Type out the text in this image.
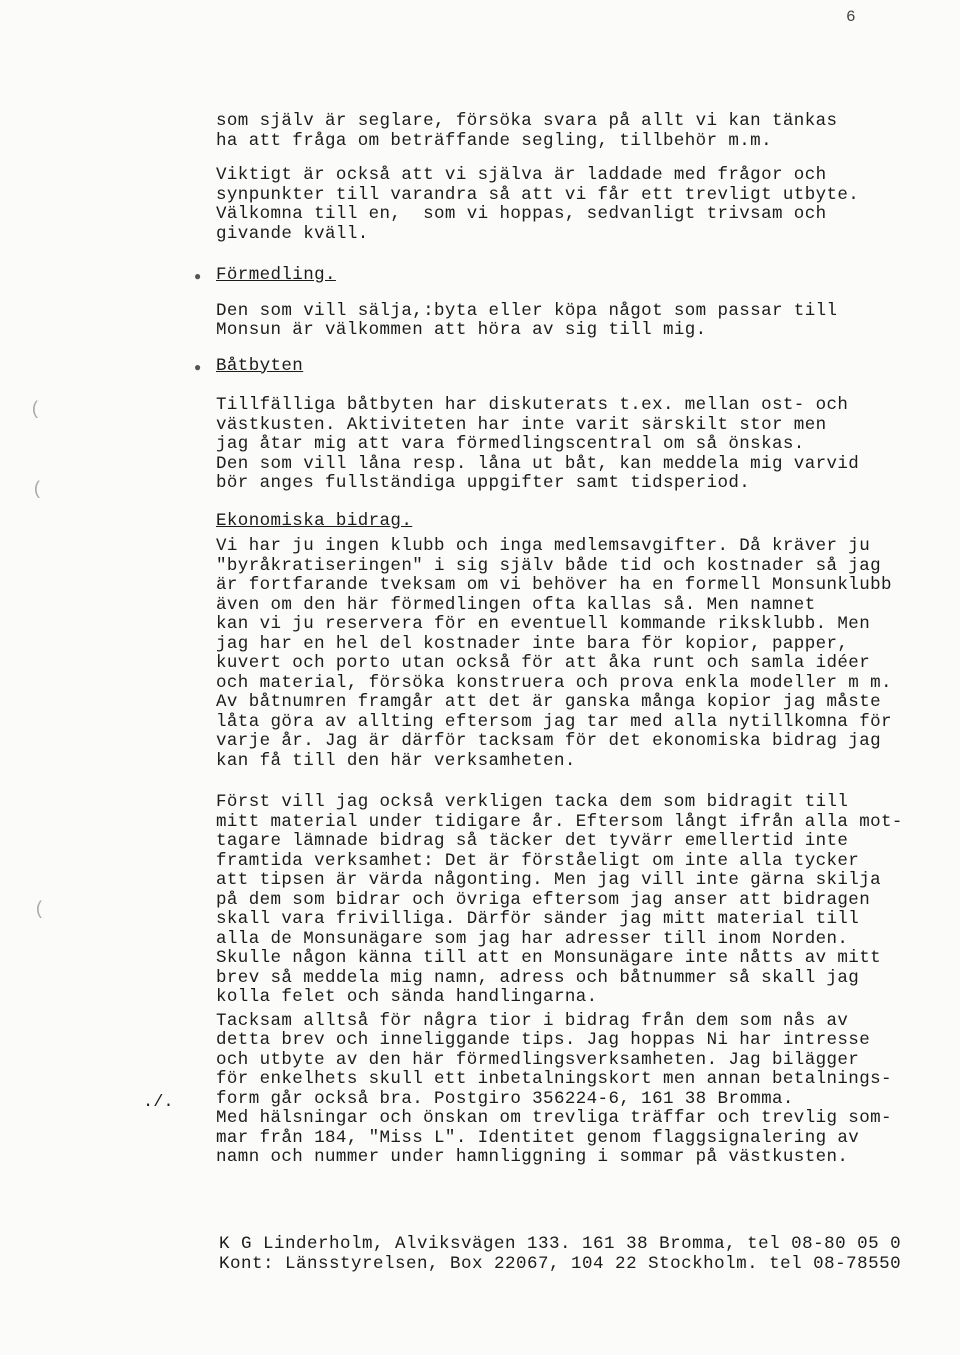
6
(
(
(
./.
som själv är seglare, försöka svara på allt vi kan tänkas
ha att fråga om beträffande segling, tillbehör m.m.
Viktigt är också att vi själva är laddade med frågor och
synpunkter till varandra så att vi får ett trevligt utbyte.
Välkomna till en,  som vi hoppas, sedvanligt trivsam och
givande kväll.
● Förmedling.
Den som vill sälja,:byta eller köpa något som passar till
Monsun är välkommen att höra av sig till mig.
● Båtbyten
Tillfälliga båtbyten har diskuterats t.ex. mellan ost- och
västkusten. Aktiviteten har inte varit särskilt stor men
jag åtar mig att vara förmedlingscentral om så önskas.
Den som vill låna resp. låna ut båt, kan meddela mig varvid
bör anges fullständiga uppgifter samt tidsperiod.
Ekonomiska bidrag.
Vi har ju ingen klubb och inga medlemsavgifter. Då kräver ju
"byråkratiseringen" i sig själv både tid och kostnader så jag
är fortfarande tveksam om vi behöver ha en formell Monsunklubb
även om den här förmedlingen ofta kallas så. Men namnet
kan vi ju reservera för en eventuell kommande riksklubb. Men
jag har en hel del kostnader inte bara för kopior, papper,
kuvert och porto utan också för att åka runt och samla idéer
och material, försöka konstruera och prova enkla modeller m m.
Av båtnumren framgår att det är ganska många kopior jag måste
låta göra av allting eftersom jag tar med alla nytillkomna för
varje år. Jag är därför tacksam för det ekonomiska bidrag jag
kan få till den här verksamheten.
Först vill jag också verkligen tacka dem som bidragit till
mitt material under tidigare år. Eftersom långt ifrån alla mot-
tagare lämnade bidrag så täcker det tyvärr emellertid inte
framtida verksamhet: Det är förståeligt om inte alla tycker
att tipsen är värda någonting. Men jag vill inte gärna skilja
på dem som bidrar och övriga eftersom jag anser att bidragen
skall vara frivilliga. Därför sänder jag mitt material till
alla de Monsunägare som jag har adresser till inom Norden.
Skulle någon känna till att en Monsunägare inte nåtts av mitt
brev så meddela mig namn, adress och båtnummer så skall jag
kolla felet och sända handlingarna.
Tacksam alltså för några tior i bidrag från dem som nås av
detta brev och inneliggande tips. Jag hoppas Ni har intresse
och utbyte av den här förmedlingsverksamheten. Jag bilägger
för enkelhets skull ett inbetalningskort men annan betalnings-
form går också bra. Postgiro 356224-6, 161 38 Bromma.
Med hälsningar och önskan om trevliga träffar och trevlig som-
mar från 184, "Miss L". Identitet genom flaggsignalering av
namn och nummer under hamnliggning i sommar på västkusten.
K G Linderholm, Alviksvägen 133. 161 38 Bromma, tel 08-80 05 0
Kont: Länsstyrelsen, Box 22067, 104 22 Stockholm. tel 08-78550
